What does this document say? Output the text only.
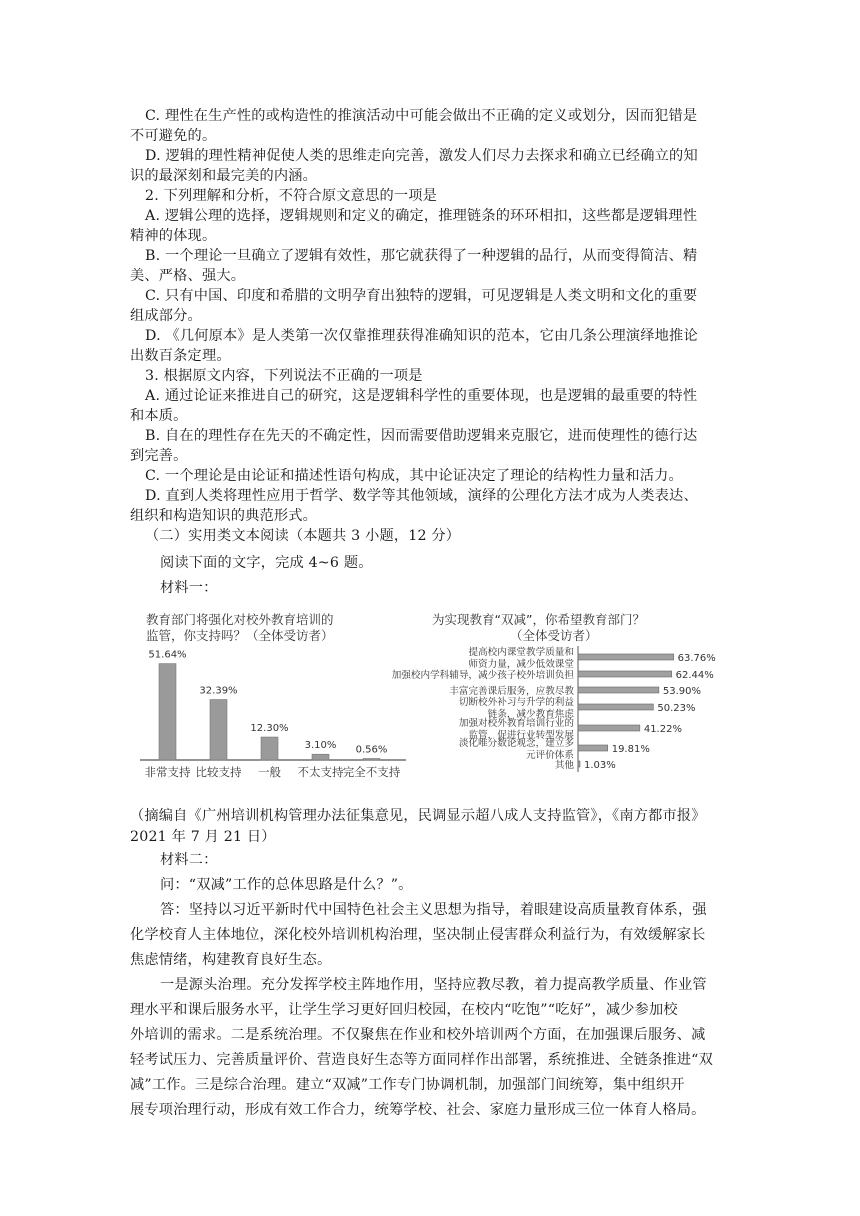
C. 理性在生产性的或构造性的推演活动中可能会做出不正确的定义或划分，因而犯错是
不可避免的。
D. 逻辑的理性精神促使人类的思维走向完善，激发人们尽力去探求和确立已经确立的知
识的最深刻和最完美的内涵。
2. 下列理解和分析，不符合原文意思的一项是
A. 逻辑公理的选择，逻辑规则和定义的确定，推理链条的环环相扣，这些都是逻辑理性
精神的体现。
B. 一个理论一旦确立了逻辑有效性，那它就获得了一种逻辑的品行，从而变得简洁、精
美、严格、强大。
C. 只有中国、印度和希腊的文明孕育出独特的逻辑，可见逻辑是人类文明和文化的重要
组成部分。
D. 《几何原本》是人类第一次仅靠推理获得准确知识的范本，它由几条公理演绎地推论
出数百条定理。
3. 根据原文内容，下列说法不正确的一项是
A. 通过论证来推进自己的研究，这是逻辑科学性的重要体现，也是逻辑的最重要的特性
和本质。
B. 自在的理性存在先天的不确定性，因而需要借助逻辑来克服它，进而使理性的德行达
到完善。
C. 一个理论是由论证和描述性语句构成，其中论证决定了理论的结构性力量和活力。
D. 直到人类将理性应用于哲学、数学等其他领域，演绎的公理化方法才成为人类表达、
组织和构造知识的典范形式。
（二）实用类文本阅读（本题共 3 小题，12 分）
阅读下面的文字，完成 4~6 题。
材料一：
教育部门将强化对校外教育培训的
监管，你支持吗？（全体受访者）
51.64%
非常支持
32.39%
比较支持
12.30%
一般
3.10%
不太支持
0.56%
完全不支持
为实现教育“双减”，你希望教育部门？
（全体受访者）
63.76%
提高校内课堂教学质量和
师资力量，减少低效课堂
62.44%
加强校内学科辅导，减少孩子校外培训负担
53.90%
丰富完善课后服务，应教尽教
50.23%
切断校外补习与升学的利益
链条，减少教育焦虑
41.22%
加强对校外教育培训行业的
监管，促进行业转型发展
19.81%
淡化唯分数论观念，建立多
元评价体系
1.03%
其他
（摘编自《广州培训机构管理办法征集意见，民调显示超八成人支持监管》，《南方都市报》
2021 年 7 月 21 日）
材料二：
问：“双减”工作的总体思路是什么？”。
答：坚持以习近平新时代中国特色社会主义思想为指导，着眼建设高质量教育体系，强
化学校育人主体地位，深化校外培训机构治理，坚决制止侵害群众利益行为，有效缓解家长
焦虑情绪，构建教育良好生态。
一是源头治理。充分发挥学校主阵地作用，坚持应教尽教，着力提高教学质量、作业管
理水平和课后服务水平，让学生学习更好回归校园，在校内“吃饱”“吃好”，减少参加校
外培训的需求。二是系统治理。不仅聚焦在作业和校外培训两个方面，在加强课后服务、减
轻考试压力、完善质量评价、营造良好生态等方面同样作出部署，系统推进、全链条推进“双
减”工作。三是综合治理。建立“双减”工作专门协调机制，加强部门间统筹，集中组织开
展专项治理行动，形成有效工作合力，统筹学校、社会、家庭力量形成三位一体育人格局。
